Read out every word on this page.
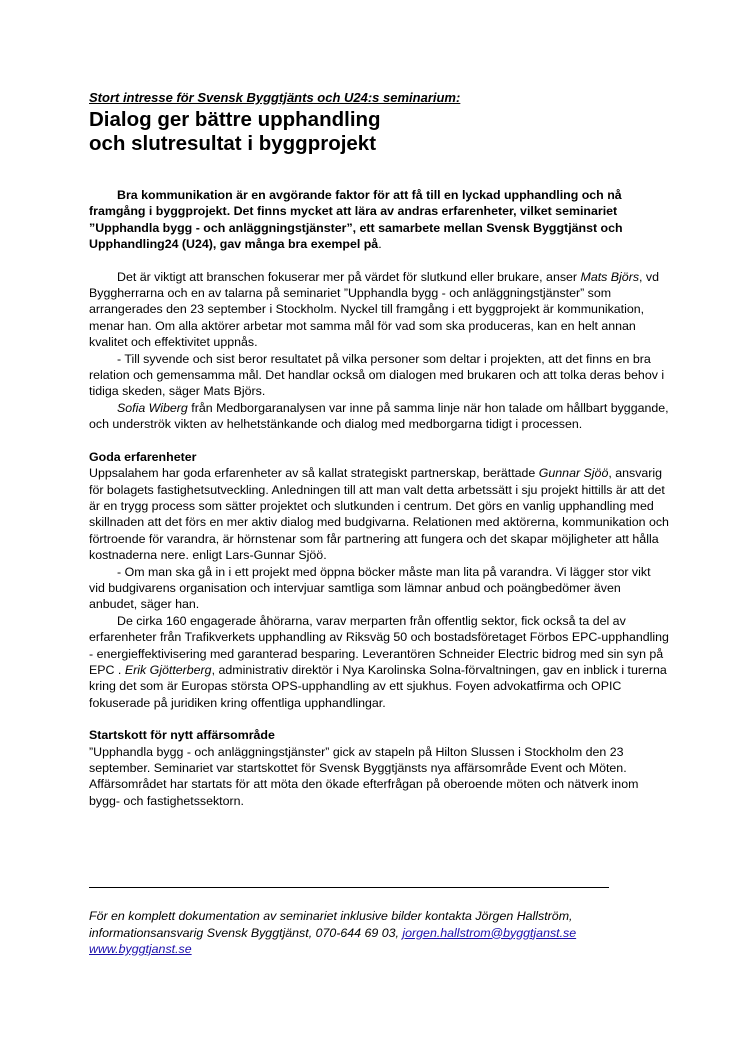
Stort intresse för Svensk Byggtjänts och U24:s seminarium:

Dialog ger bättre upphandling
och slutresultat i byggprojekt

Bra kommunikation är en avgörande faktor för att få till en lyckad upphandling och nå framgång i byggprojekt. Det finns mycket att lära av andras erfarenheter, vilket seminariet ”Upphandla bygg - och anläggningstjänster”, ett samarbete mellan Svensk Byggtjänst och Upphandling24 (U24), gav många bra exempel på.

Det är viktigt att branschen fokuserar mer på värdet för slutkund eller brukare, anser Mats Björs, vd Byggherrarna och en av talarna på seminariet ”Upphandla bygg - och anläggningstjänster” som arrangerades den 23 september i Stockholm. Nyckel till framgång i ett byggprojekt är kommunikation, menar han. Om alla aktörer arbetar mot samma mål för vad som ska produceras, kan en helt annan kvalitet och effektivitet uppnås.

- Till syvende och sist beror resultatet på vilka personer som deltar i projekten, att det finns en bra relation och gemensamma mål. Det handlar också om dialogen med brukaren och att tolka deras behov i tidiga skeden, säger Mats Björs.

Sofia Wiberg från Medborgaranalysen var inne på samma linje när hon talade om hållbart byggande, och underströk vikten av helhetstänkande och dialog med medborgarna tidigt i processen.

Goda erfarenheter

Uppsalahem har goda erfarenheter av så kallat strategiskt partnerskap, berättade Gunnar Sjöö, ansvarig för bolagets fastighetsutveckling. Anledningen till att man valt detta arbetssätt i sju projekt hittills är att det är en trygg process som sätter projektet och slutkunden i centrum. Det görs en vanlig upphandling med skillnaden att det förs en mer aktiv dialog med budgivarna. Relationen med aktörerna, kommunikation och förtroende för varandra, är hörnstenar som får partnering att fungera och det skapar möjligheter att hålla kostnaderna nere. enligt Lars-Gunnar Sjöö.

- Om man ska gå in i ett projekt med öppna böcker måste man lita på varandra. Vi lägger stor vikt vid budgivarens organisation och intervjuar samtliga som lämnar anbud och poängbedömer även anbudet, säger han.

De cirka 160 engagerade åhörarna, varav merparten från offentlig sektor, fick också ta del av erfarenheter från Trafikverkets upphandling av Riksväg 50 och bostadsföretaget Förbos EPC-upphandling - energieffektivisering med garanterad besparing. Leverantören Schneider Electric bidrog med sin syn på EPC . Erik Gjötterberg, administrativ direktör i Nya Karolinska Solna-förvaltningen, gav en inblick i turerna kring det som är Europas största OPS-upphandling av ett sjukhus. Foyen advokatfirma och OPIC fokuserade på juridiken kring offentliga upphandlingar.

Startskott för nytt affärsområde

”Upphandla bygg - och anläggningstjänster” gick av stapeln på Hilton Slussen i Stockholm den 23 september. Seminariet var startskottet för Svensk Byggtjänsts nya affärsområde Event och Möten. Affärsområdet har startats för att möta den ökade efterfrågan på oberoende möten och nätverk inom bygg- och fastighetssektorn.

För en komplett dokumentation av seminariet inklusive bilder kontakta Jörgen Hallström, informationsansvarig Svensk Byggtjänst, 070-644 69 03, jorgen.hallstrom@byggtjanst.se
www.byggtjanst.se
